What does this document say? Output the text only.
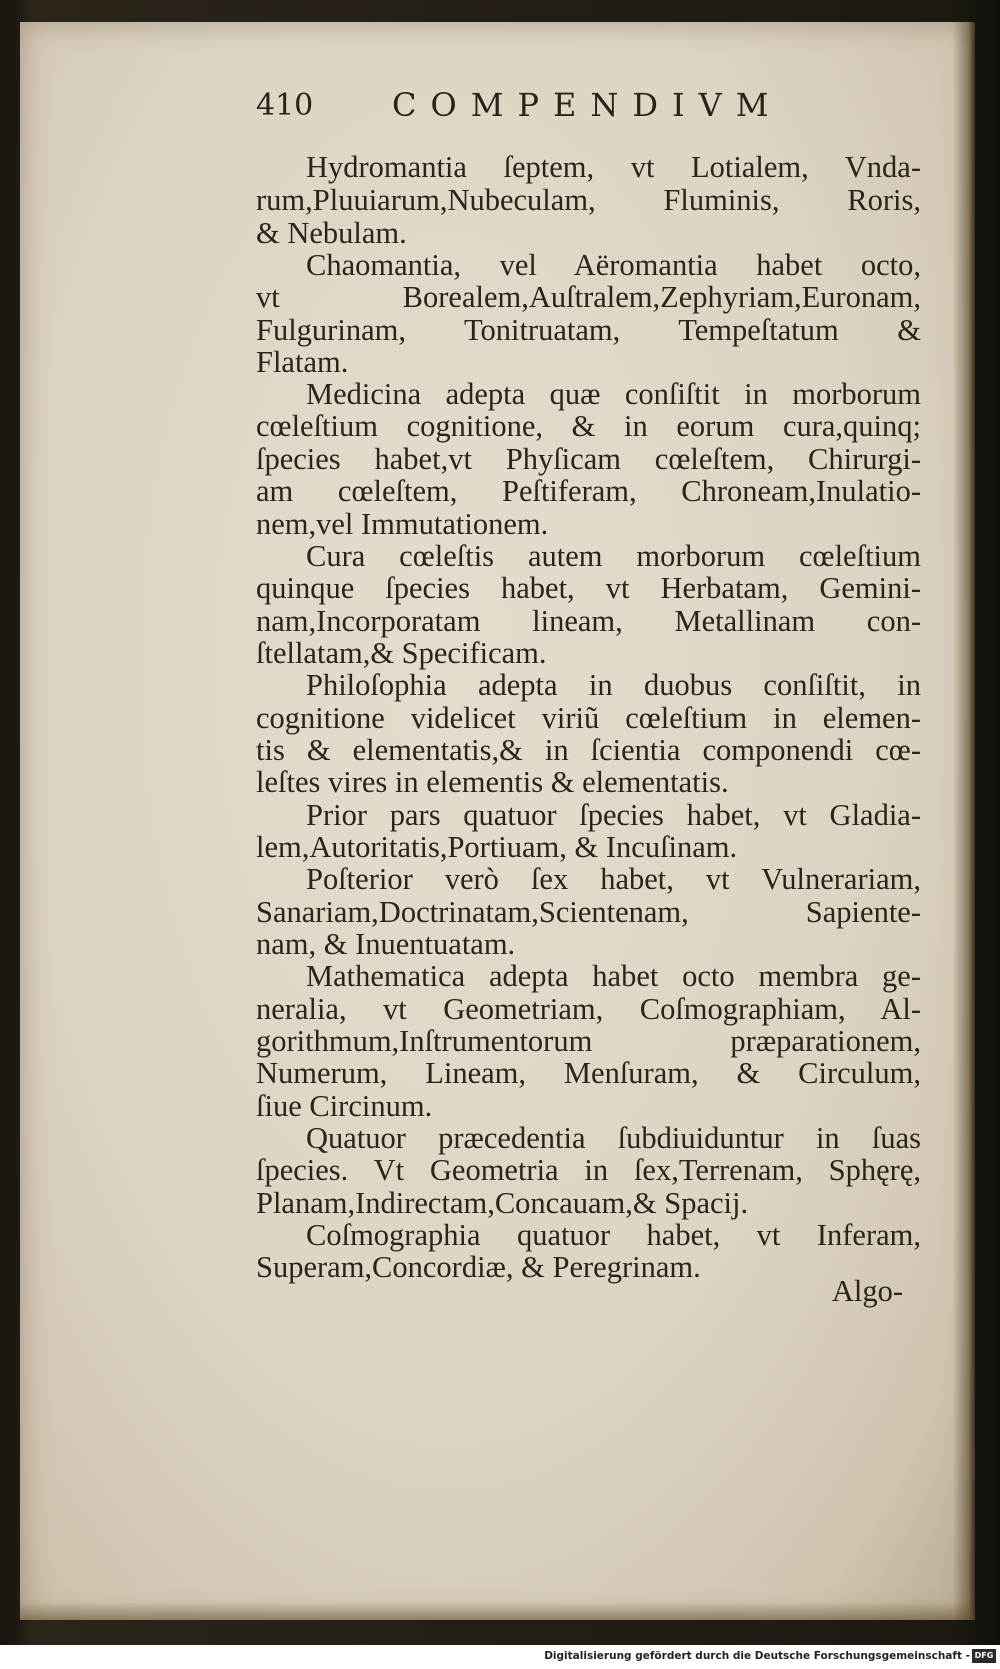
410 COMPENDIVM
Hydromantia ſeptem, vt Lotialem, Vnda-
rum,Pluuiarum,Nubeculam, Fluminis, Roris,
& Nebulam.
Chaomantia, vel Aëromantia habet octo,
vt Borealem,Auſtralem,Zephyriam,Euronam,
Fulgurinam, Tonitruatam, Tempeſtatum &
Flatam.
Medicina adepta quæ conſiſtit in morborum
cœleſtium cognitione, & in eorum cura,quinq;
ſpecies habet,vt Phyſicam cœleſtem, Chirurgi-
am cœleſtem, Peſtiferam, Chroneam,Inulatio-
nem,vel Immutationem.
Cura cœleſtis autem morborum cœleſtium
quinque ſpecies habet, vt Herbatam, Gemini-
nam,Incorporatam lineam, Metallinam con-
ſtellatam,& Specificam.
Philoſophia adepta in duobus conſiſtit, in
cognitione videlicet viriũ cœleſtium in elemen-
tis & elementatis,& in ſcientia componendi cœ-
leſtes vires in elementis & elementatis.
Prior pars quatuor ſpecies habet, vt Gladia-
lem,Autoritatis,Portiuam, & Incuſinam.
Poſterior verò ſex habet, vt Vulnerariam,
Sanariam,Doctrinatam,Scientenam, Sapiente-
nam, & Inuentuatam.
Mathematica adepta habet octo membra ge-
neralia, vt Geometriam, Coſmographiam, Al-
gorithmum,Inſtrumentorum præparationem,
Numerum, Lineam, Menſuram, & Circulum,
ſiue Circinum.
Quatuor præcedentia ſubdiuiduntur in ſuas
ſpecies. Vt Geometria in ſex,Terrenam, Sphęrę,
Planam,Indirectam,Concauam,& Spacij.
Coſmographia quatuor habet, vt Inferam,
Superam,Concordiæ, & Peregrinam.
Algo-
Digitalisierung gefördert durch die Deutsche Forschungsgemeinschaft - DFG
